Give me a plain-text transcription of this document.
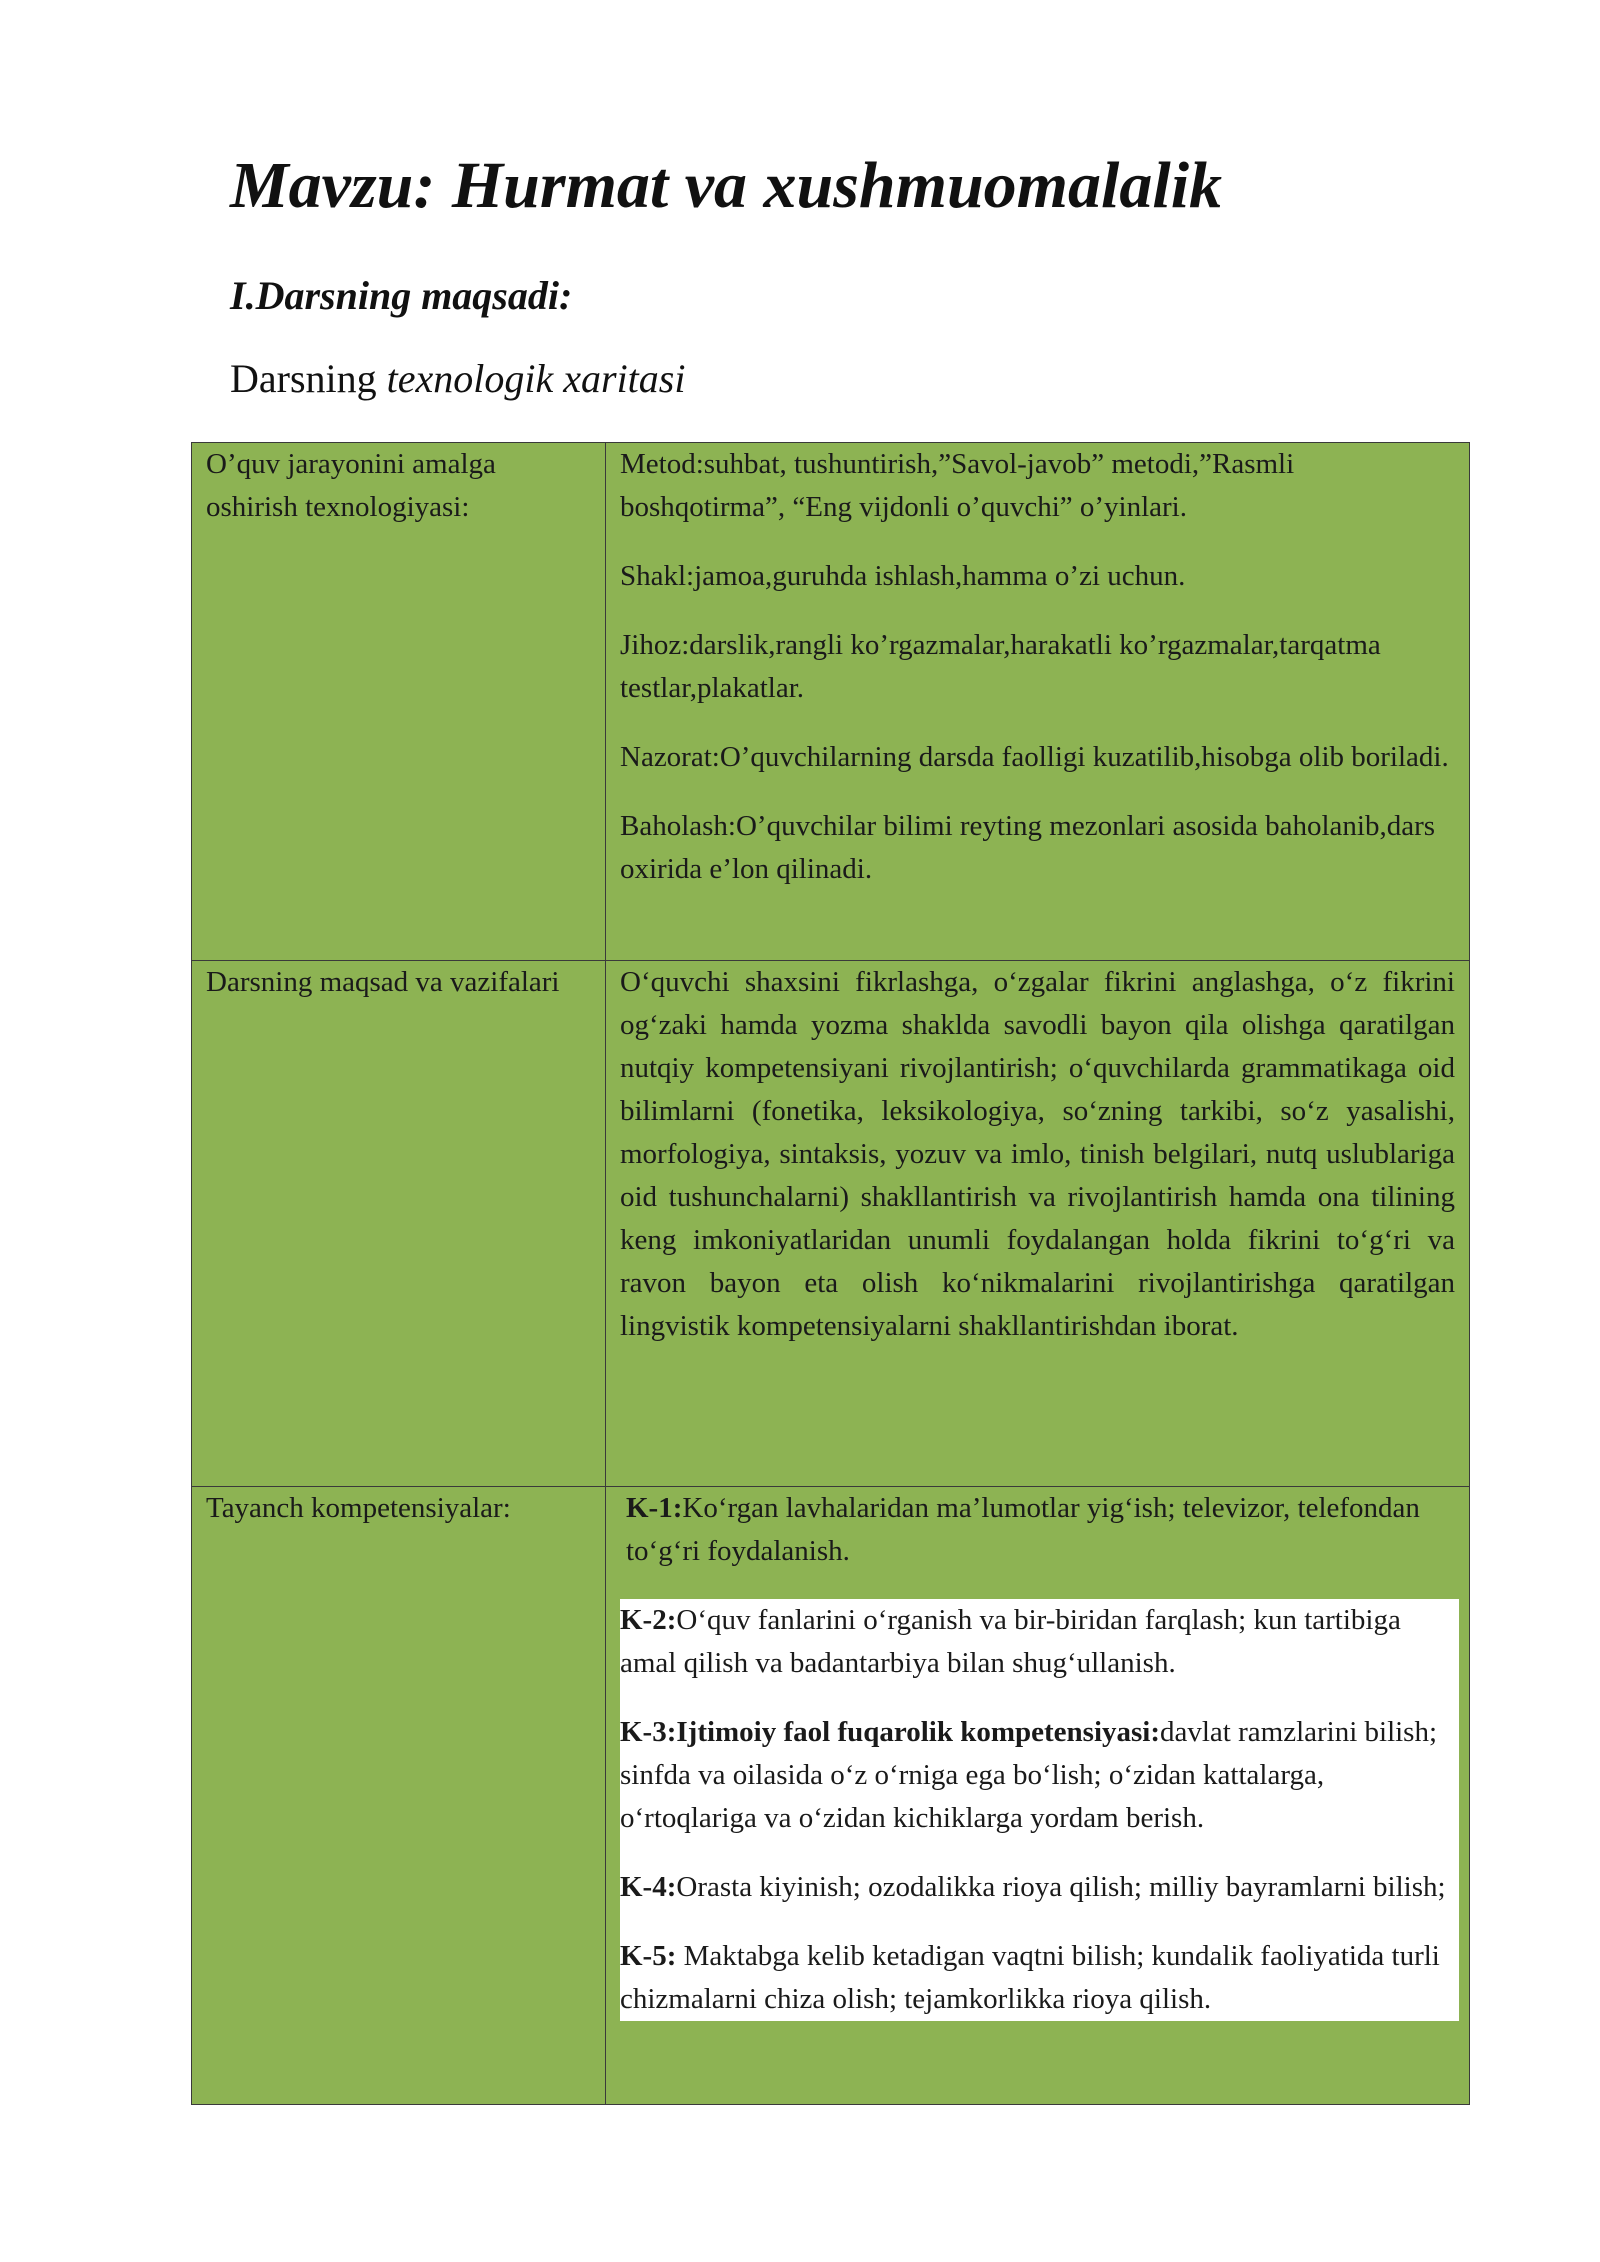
Mavzu: Hurmat va xushmuomalalik
I.Darsning maqsadi:

Darsning texnologik xaritasi

O’quv jarayonini amalga oshirish texnologiyasi:	Metod:suhbat, tushuntirish,”Savol-javob” metodi,”Rasmli boshqotirma”, “Eng vijdonli o’quvchi” o’yinlari.

Shakl:jamoa,guruhda ishlash,hamma o’zi uchun.

Jihoz:darslik,rangli ko’rgazmalar,harakatli ko’rgazmalar,tarqatma testlar,plakatlar.

Nazorat:O’quvchilarning darsda faolligi kuzatilib,hisobga olib boriladi.

Baholash:O’quvchilar bilimi reyting mezonlari asosida baholanib,dars oxirida e’lon qilinadi.

Darsning maqsad va vazifalari	O‘quvchi shaxsini fikrlashga, o‘zgalar fikrini anglashga, o‘z fikrini og‘zaki hamda yozma shaklda savodli bayon qila olishga qaratilgan nutqiy kompetensiyani rivojlantirish; o‘quvchilarda grammatikaga oid bilimlarni (fonetika, leksikologiya, so‘zning tarkibi, so‘z yasalishi, morfologiya, sintaksis, yozuv va imlo, tinish belgilari, nutq uslublariga oid tushunchalarni) shakllantirish va rivojlantirish hamda ona tilining keng imkoniyatlaridan unumli foydalangan holda fikrini to‘g‘ri va ravon bayon eta olish ko‘nikmalarini rivojlantirishga qaratilgan lingvistik kompetensiyalarni shakllantirishdan iborat.

Tayanch kompetensiyalar:	K-1:Ko‘rgan lavhalaridan ma’lumotlar yig‘ish; televizor, telefondan to‘g‘ri foydalanish.

K-2:O‘quv fanlarini o‘rganish va bir-biridan farqlash; kun tartibiga amal qilish va badantarbiya bilan shug‘ullanish.

K-3:Ijtimoiy faol fuqarolik kompetensiyasi:davlat ramzlarini bilish; sinfda va oilasida o‘z o‘rniga ega bo‘lish; o‘zidan kattalarga, o‘rtoqlariga va o‘zidan kichiklarga yordam berish.

K-4:Orasta kiyinish; ozodalikka rioya qilish; milliy bayramlarni bilish;

K-5: Maktabga kelib ketadigan vaqtni bilish; kundalik faoliyatida turli chizmalarni chiza olish; tejamkorlikka rioya qilish.
